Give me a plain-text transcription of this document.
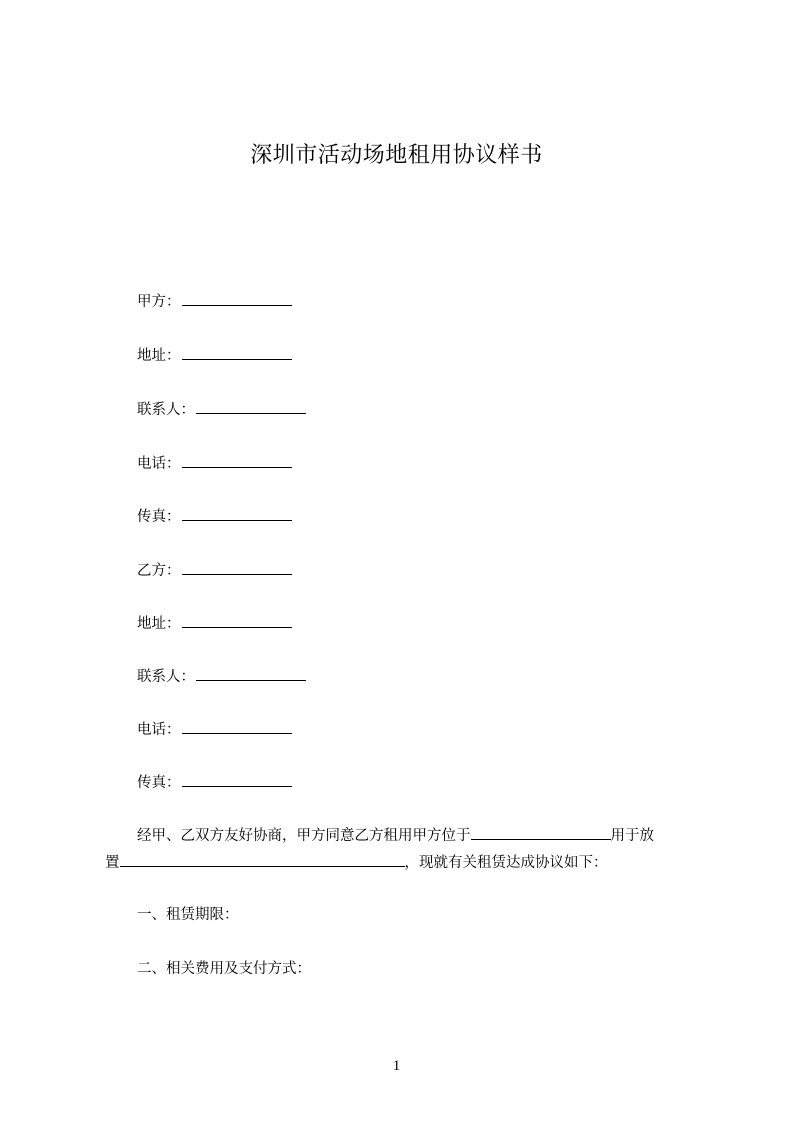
深圳市活动场地租用协议样书
甲方：
地址：
联系人：
电话：
传真：
乙方：
地址：
联系人：
电话：
传真：
经甲、乙双方友好协商，甲方同意乙方租用甲方位于	用于放
置	，现就有关租赁达成协议如下：
一、租赁期限：
二、相关费用及支付方式：
1
